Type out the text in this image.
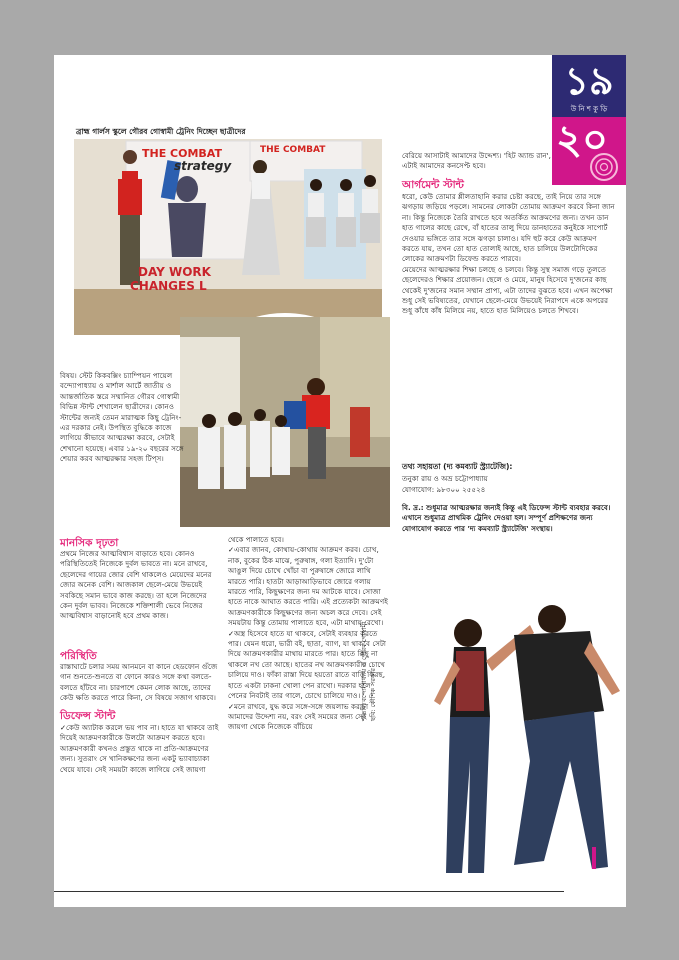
১৯
উ নি শ কু ড়ি
২০
ব্রাহ্ম গার্লস স্কুলে গৌরব গোস্বামী ট্রেনিং দিচ্ছেন ছাত্রীদের
THE COMBAT
strategy
THE COMBAT
DAY WORK
CHANGES L
বিষয়। স্টেট কিকবক্সিং চ্যাম্পিয়ন পায়েল বন্দ্যোপাধ্যায় ও মার্শাল আর্টে জাতীয় ও আন্তর্জাতিক স্তরে সম্মানিত গৌরব গোস্বামী বিভিন্ন স্টান্ট শেখালেন ছাত্রীদের। কোনও স্টান্টের জন্যই তেমন মারাত্মক কিছু ট্রেনিং-এর দরকার নেই। উপস্থিত বুদ্ধিকে কাজে লাগিয়ে কীভাবে আত্মরক্ষা করবে, সেটাই শেখানো হয়েছে। এবার ১৯-২০ বছরের সঙ্গে শেয়ার করব আত্মরক্ষার সহজ টিপ্‌স।
মানসিক দৃঢ়তা
প্রথমে নিজের আত্মবিশ্বাস বাড়াতে হবে। কোনও পরিস্থিতিতেই নিজেকে দুর্বল ভাবতে না। মনে রাখবে, ছেলেদের গায়ের জোর বেশি থাকলেও মেয়েদের মনের জোর অনেক বেশি। আজকাল ছেলে-মেয়ে উভয়েই সবকিছে সমান ভাবে কাজ করছে। তা হলে নিজেদের কেন দুর্বল ভাবব। নিজেকে শক্তিশালী ভেবে নিজের আত্মবিশ্বাস বাড়ানোই হবে প্রথম কাজ।
পরিস্থিতি
রাস্তাঘাটে চলার সময় আনমনে বা কানে হেডফোন গুঁজে গান শুনতে-শুনতে বা ফোনে কারও সঙ্গে কথা বলতে-বলতে হাঁটবে না। চারপাশে কেমন লোক আছে, তাদের কেউ ক্ষতি করতে পারে কিনা, সে বিষয়ে সজাগ থাকবে।
ডিফেন্স স্টান্ট
✓কেউ অ্যাটাক করলে ভয় পাব না। হাতে যা থাকবে তাই দিয়েই আক্রমণকারীকে উলটো আক্রমণ করতে হবে। আক্রমণকারী কখনও প্রস্তুত থাকে না প্রতি-আক্রমণের জন্য। সুতরাং সে খানিকক্ষণের জন্য একটু ভ্যাবাচ্যাকা খেয়ে যাবে। সেই সময়টা কাজে লাগিয়ে সেই জায়গা
থেকে পালাতে হবে।
✓এবার জানব, কোথায়-কোথায় আক্রমণ করব। চোখ, নাক, বুকের ঠিক মাঝে, পুরুষাঙ্গ, গলা ইত্যাদি। দু'টো আঙুল দিয়ে চোখে খোঁচা বা পুরুষাঙ্গে জোরে লাথি মারতে পারি। হাতটা আড়াআড়িভাবে জোরে গলায় মারতে পারি, কিছুক্ষণের জন্য দম আটকে যাবে। সোজা হাতে নাকে আঘাত করতে পারি। এই প্রত্যেকটা আক্রমণই আক্রমণকারীকে কিছুক্ষণের জন্য অচল করে দেবে। সেই সময়টায় কিন্তু তোমায় পালাতে হবে, এটা মাথায় রেখো।
✓অস্ত্র হিসেবে হাতে যা থাকবে, সেটাই ব্যবহার করতে পার। যেমন ধরো, ভারী বই, ছাতা, ব্যাগ, যা থাকবে সেটা দিয়ে আক্রমণকারীর মাথায় মারতে পার। হাতে কিছু না থাকলে নখ তো আছে। হাতের নখ আক্রমণকারীর চোখে চালিয়ে দাও। ফাঁকা রাস্তা দিয়ে হয়তো রাতে বাড়ি ফিরছ, হাতে একটা ঢাকনা খোলা পেন রাখো। দরকার হলে পেনের নিবটাই তার গালে, চোখে চালিয়ে দাও।
✓মনে রাখবে, যুদ্ধ করে সঙ্গে-সঙ্গে জয়লাভ করাটা আমাদের উদ্দেশ্য নয়, বরং সেই সময়ের জন্য সেই জায়গা থেকে নিজেকে বাঁচিয়ে
বেরিয়ে আসাটাই আমাদের উদ্দেশ্য। 'হিট অ্যান্ড রান', এটাই আমাদের কনসেপ্ট হবে।
আর্গমেন্ট স্টান্ট
ধরো, কেউ তোমার শ্লীলতাহানি করার চেষ্টা করছে, তাই নিয়ে তার সঙ্গে ঝগড়ায় জড়িয়ে পড়লে। সামনের লোকটা তোমায় আক্রমণ করবে কিনা জান না। কিন্তু নিজেকে তৈরি রাখতে হবে অতর্কিত আক্রমণের জন্য। তখন ডান হাত গালের কাছে রেখে, বাঁ হাতের তালু দিয়ে ডানহাতের কনুইকে সাপোর্ট দেওয়ার ভঙ্গিতে তার সঙ্গে ঝগড়া চালাও। যদি হুট করে কেউ আক্রমণ করতে যায়, তখন তো হাত তোলাই আছে, হাত চালিয়ে উলটোদিকের লোকের আক্রমণটা ডিফেন্ড করতে পারবে।
মেয়েদের আত্মরক্ষার শিক্ষা চলছে ও চলবে। কিন্তু সুস্থ সমাজ গড়ে তুলতে ছেলেদেরও শিক্ষার প্রয়োজন। ছেলে ও মেয়ে, মানুষ হিসেবে দু'জনের কাছ থেকেই দু'জনের সমান সম্মান প্রাপ্য, এটা তাদের বুঝতে হবে। এখন অপেক্ষা শুধু সেই ভবিষ্যতের, যেখানে ছেলে-মেয়ে উভয়েই নিরাপদে একে অপরের শুধু কাঁধে কাঁধ মিলিয়ে নয়, হাতে হাত মিলিয়েও চলতে শিখবে।
তথ্য সহায়তা (দ্য কমব্যাট স্ট্র্যাটেজি):
তনুকা রায় ও অভ্র চট্টোপাধ্যায়
যোগাযোগ: ৯৮৩০০ ২৫৫২৪
বি. দ্র.: শুধুমাত্র আত্মরক্ষার জন্যই কিন্তু এই ডিফেন্স স্টান্ট ব্যবহার করবে। এখানে শুধুমাত্র প্রাথমিক ট্রেনিং দেওয়া হল। সম্পূর্ণ প্রশিক্ষণের জন্য যোগাযোগ করতে পার 'দ্য কমব্যাট স্ট্র্যাটেজি' সংস্থায়।
শাওলি বন্দ্যোপাধ্যায় ও গৌরব গোস্বামী
ছবি: কৌশিক সরকার
